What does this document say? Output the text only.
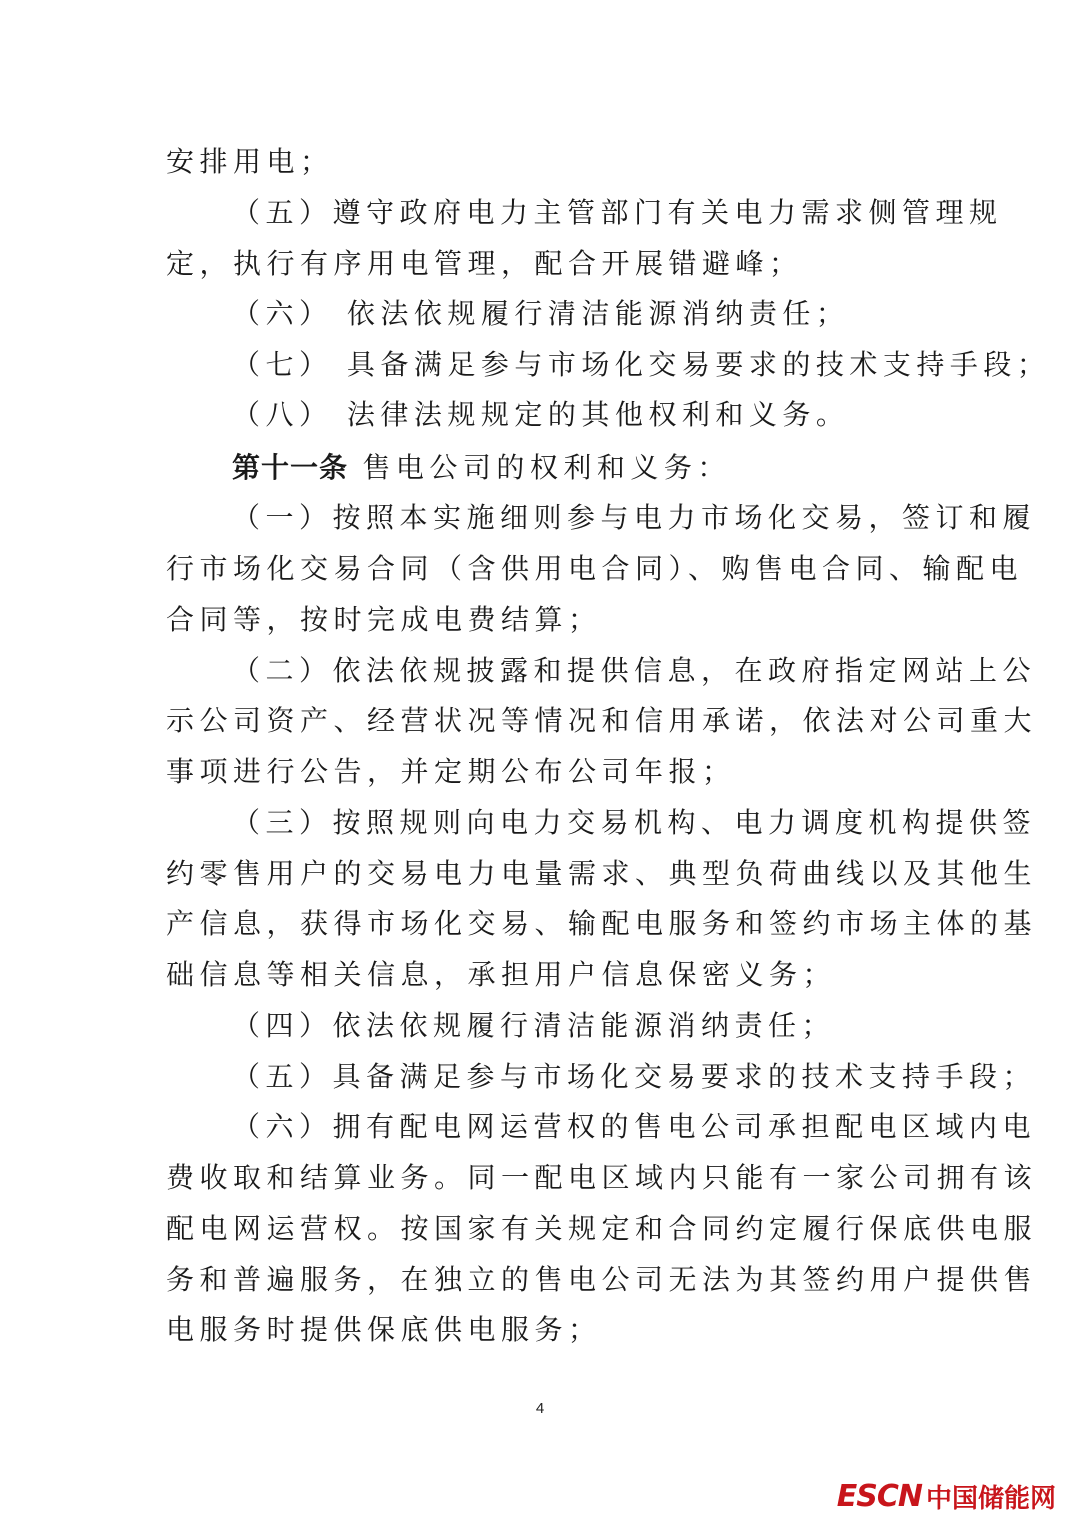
安排用电；
（五）遵守政府电力主管部门有关电力需求侧管理规
定，执行有序用电管理，配合开展错避峰；
（六） 依法依规履行清洁能源消纳责任；
（七） 具备满足参与市场化交易要求的技术支持手段；
（八） 法律法规规定的其他权利和义务。
第十一条 售电公司的权利和义务：
（一）按照本实施细则参与电力市场化交易，签订和履
行市场化交易合同（含供用电合同）、购售电合同、输配电
合同等，按时完成电费结算；
（二）依法依规披露和提供信息，在政府指定网站上公
示公司资产、经营状况等情况和信用承诺，依法对公司重大
事项进行公告，并定期公布公司年报；
（三）按照规则向电力交易机构、电力调度机构提供签
约零售用户的交易电力电量需求、典型负荷曲线以及其他生
产信息，获得市场化交易、输配电服务和签约市场主体的基
础信息等相关信息，承担用户信息保密义务；
（四）依法依规履行清洁能源消纳责任；
（五）具备满足参与市场化交易要求的技术支持手段；
（六）拥有配电网运营权的售电公司承担配电区域内电
费收取和结算业务。同一配电区域内只能有一家公司拥有该
配电网运营权。按国家有关规定和合同约定履行保底供电服
务和普遍服务，在独立的售电公司无法为其签约用户提供售
电服务时提供保底供电服务；
4
ESCN 中国储能网
